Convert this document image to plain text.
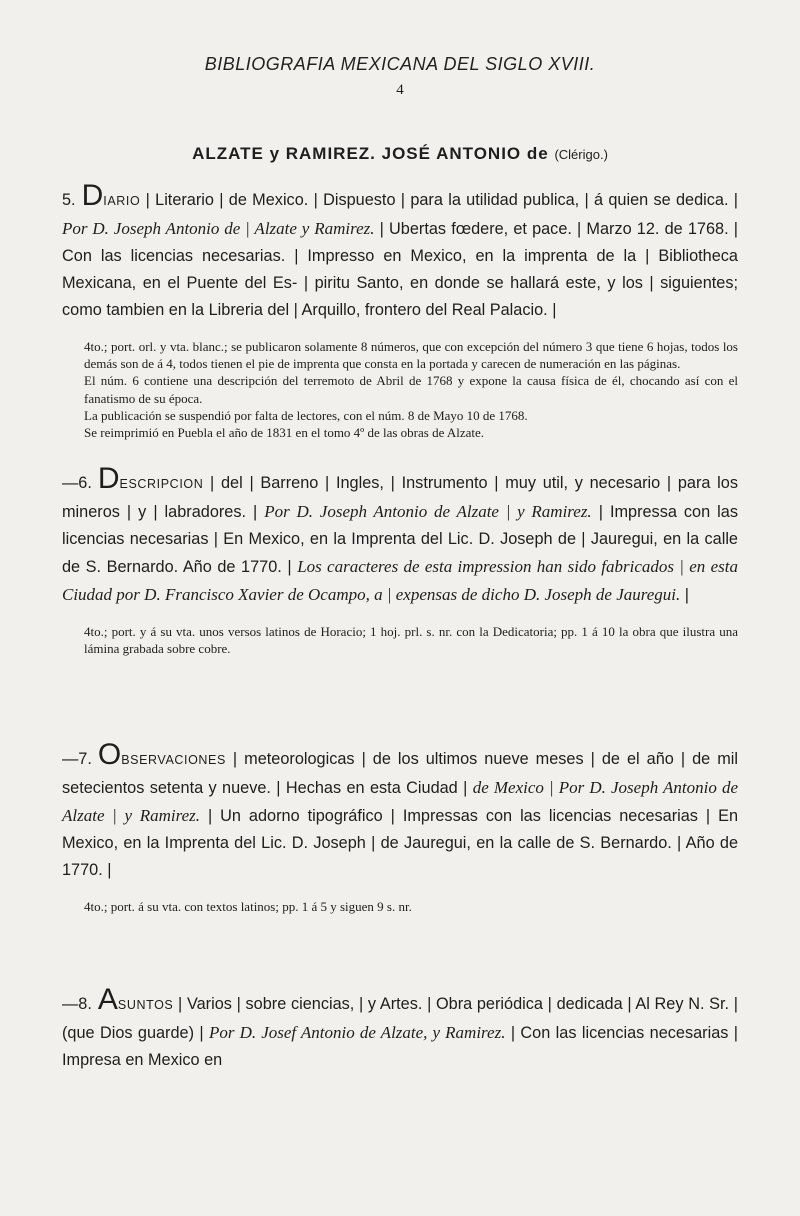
BIBLIOGRAFIA MEXICANA DEL SIGLO XVIII.
4
ALZATE y RAMIREZ. JOSÉ ANTONIO de (Clérigo.)

5. DIARIO | Literario | de Mexico. | Dispuesto | para la utilidad publica, | á quien se dedica. | Por D. Joseph Antonio de | Alzate y Ramirez. | Ubertas fœdere, et pace. | Marzo 12. de 1768. | Con las licencias necesarias. | Impresso en Mexico, en la imprenta de la | Bibliotheca Mexicana, en el Puente del Es- | piritu Santo, en donde se hallará este, y los | siguientes; como tambien en la Libreria del | Arquillo, frontero del Real Palacio. |

4to.; port. orl. y vta. blanc.; se publicaron solamente 8 números, que con excepción del número 3 que tiene 6 hojas, todos los demás son de á 4, todos tienen el pie de imprenta que consta en la portada y carecen de numeración en las páginas.

El núm. 6 contiene una descripción del terremoto de Abril de 1768 y expone la causa física de él, chocando así con el fanatismo de su época.

La publicación se suspendió por falta de lectores, con el núm. 8 de Mayo 10 de 1768.

Se reimprimió en Puebla el año de 1831 en el tomo 4º de las obras de Alzate.

—6. DESCRIPCION | del | Barreno | Ingles, | Instrumento | muy util, y necesario | para los mineros | y | labradores. | Por D. Joseph Antonio de Alzate | y Ramirez. | Impressa con las licencias necesarias | En Mexico, en la Imprenta del Lic. D. Joseph de | Jauregui, en la calle de S. Bernardo. Año de 1770. | Los caracteres de esta impression han sido fabricados | en esta Ciudad por D. Francisco Xavier de Ocampo, a | expensas de dicho D. Joseph de Jauregui. |

4to.; port. y á su vta. unos versos latinos de Horacio; 1 hoj. prl. s. nr. con la Dedicatoria; pp. 1 á 10 la obra que ilustra una lámina grabada sobre cobre.

—7. OBSERVACIONES | meteorologicas | de los ultimos nueve meses | de el año | de mil setecientos setenta y nueve. | Hechas en esta Ciudad | de Mexico | Por D. Joseph Antonio de Alzate | y Ramirez. | Un adorno tipográfico | Impressas con las licencias necesarias | En Mexico, en la Imprenta del Lic. D. Joseph | de Jauregui, en la calle de S. Bernardo. | Año de 1770. |

4to.; port. á su vta. con textos latinos; pp. 1 á 5 y siguen 9 s. nr.

—8. ASUNTOS | Varios | sobre ciencias, | y Artes. | Obra periódica | dedicada | Al Rey N. Sr. | (que Dios guarde) | Por D. Josef Antonio de Alzate, y Ramirez. | Con las licencias necesarias | Impresa en Mexico en
